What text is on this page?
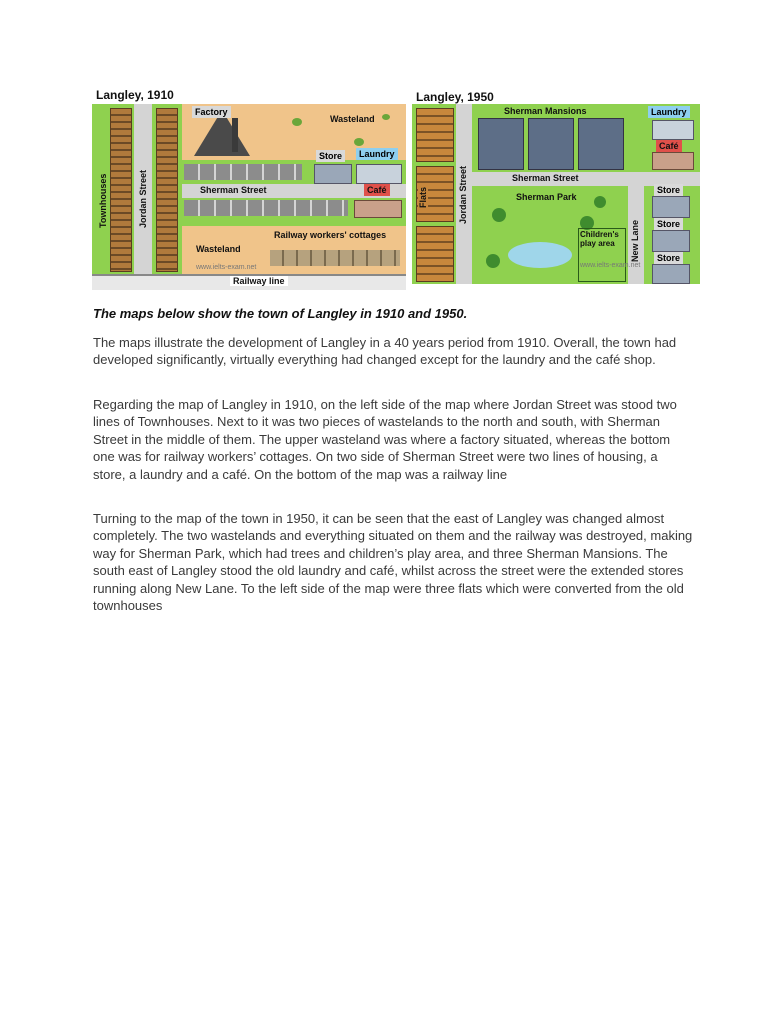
Langley, 1910
Factory
Wasteland
Store	Laundry
Sherman Street	Café
Railway workers' cottages
Wasteland
www.ielts-exam.net
Railway line
Townhouses	Jordan Street
Langley, 1950
Sherman Mansions	Laundry
Café
Sherman Street
Store
Store
Store
Sherman Park
Children's play area
www.ielts-exam.net
Flats	Jordan Street
New Lane
The maps below show the town of Langley in 1910 and 1950.

The maps illustrate the development of Langley in a 40 years period from 1910. Overall, the town had developed significantly, virtually everything had changed except for the laundry and the café shop.

Regarding the map of Langley in 1910, on the left side of the map where Jordan Street was stood two lines of Townhouses. Next to it was two pieces of wastelands to the north and south, with Sherman Street in the middle of them. The upper wasteland was where a factory situated, whereas the bottom one was for railway workers’ cottages. On two side of Sherman Street were two lines of housing, a store, a laundry and a café. On the bottom of the map was a railway line

Turning to the map of the town in 1950, it can be seen that the east of Langley was changed almost completely. The two wastelands and everything situated on them and the railway was destroyed, making way for Sherman Park, which had trees and children’s play area, and three Sherman Mansions. The south east of Langley stood the old laundry and café, whilst across the street were the extended stores running along New Lane. To the left side of the map were three flats which were converted from the old townhouses
